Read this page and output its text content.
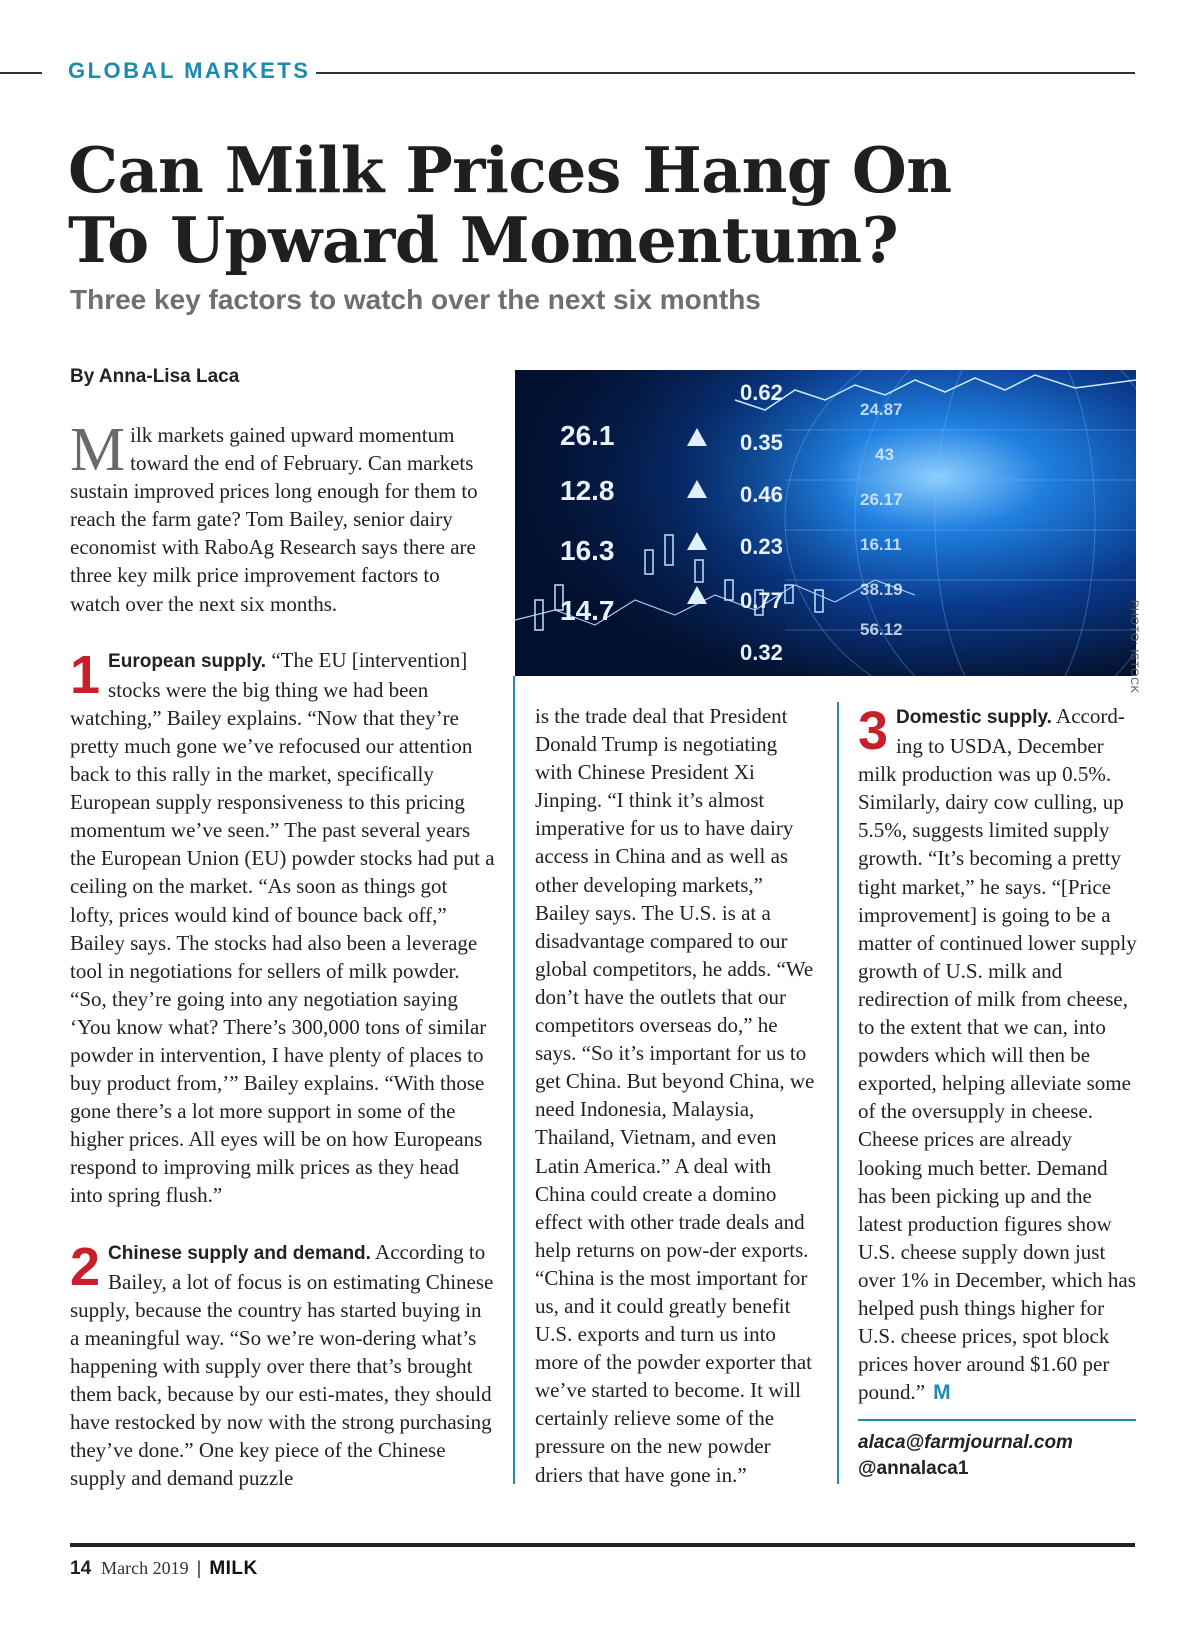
GLOBAL MARKETS
Can Milk Prices Hang On
To Upward Momentum?
Three key factors to watch over the next six months
By Anna-Lisa Laca
26.1
12.8
16.3
14.7
0.62
0.35
0.46
0.23
0.77
0.32
24.87
43
26.17
16.11
38.19
56.12	PHOTO: ISTOCK

Milk markets gained upward momentum toward the end of February. Can markets sustain improved prices long enough for them to reach the farm gate? Tom Bailey, senior dairy economist with RaboAg Research says there are three key milk price improvement factors to watch over the next six months.

1 European supply. “The EU [intervention] stocks were the big thing we had been watching,” Bailey explains. “Now that they’re pretty much gone we’ve refocused our attention back to this rally in the market, specifically European supply responsiveness to this pricing momentum we’ve seen.” The past several years the European Union (EU) powder stocks had put a ceiling on the market. “As soon as things got lofty, prices would kind of bounce back off,” Bailey says. The stocks had also been a leverage tool in negotiations for sellers of milk powder. “So, they’re going into any negotiation saying ‘You know what? There’s 300,000 tons of similar powder in intervention, I have plenty of places to buy product from,’” Bailey explains. “With those gone there’s a lot more support in some of the higher prices. All eyes will be on how Europeans respond to improving milk prices as they head into spring flush.”

2 Chinese supply and demand. According to Bailey, a lot of focus is on estimating Chinese supply, because the country has started buying in a meaningful way. “So we’re won-dering what’s happening with supply over there that’s brought them back, because by our esti-mates, they should have restocked by now with the strong purchasing they’ve done.” One key piece of the Chinese supply and demand puzzle

is the trade deal that President Donald Trump is negotiating with Chinese President Xi Jinping. “I think it’s almost imperative for us to have dairy access in China and as well as other developing markets,” Bailey says. The U.S. is at a disadvantage compared to our global competitors, he adds. “We don’t have the outlets that our competitors overseas do,” he says. “So it’s important for us to get China. But beyond China, we need Indonesia, Malaysia, Thailand, Vietnam, and even Latin America.” A deal with China could create a domino effect with other trade deals and help returns on pow-der exports. “China is the most important for us, and it could greatly benefit U.S. exports and turn us into more of the powder exporter that we’ve started to become. It will certainly relieve some of the pressure on the new powder driers that have gone in.”

3 Domestic supply. Accord-ing to USDA, December milk production was up 0.5%. Similarly, dairy cow culling, up 5.5%, suggests limited supply growth. “It’s becoming a pretty tight market,” he says. “[Price improvement] is going to be a matter of continued lower supply growth of U.S. milk and redirection of milk from cheese, to the extent that we can, into powders which will then be exported, helping alleviate some of the oversupply in cheese. Cheese prices are already looking much better. Demand has been picking up and the latest production figures show U.S. cheese supply down just over 1% in December, which has helped push things higher for U.S. cheese prices, spot block prices hover around $1.60 per pound.” M

alaca@farmjournal.com
@annalaca1
14 March 2019 | MILK
